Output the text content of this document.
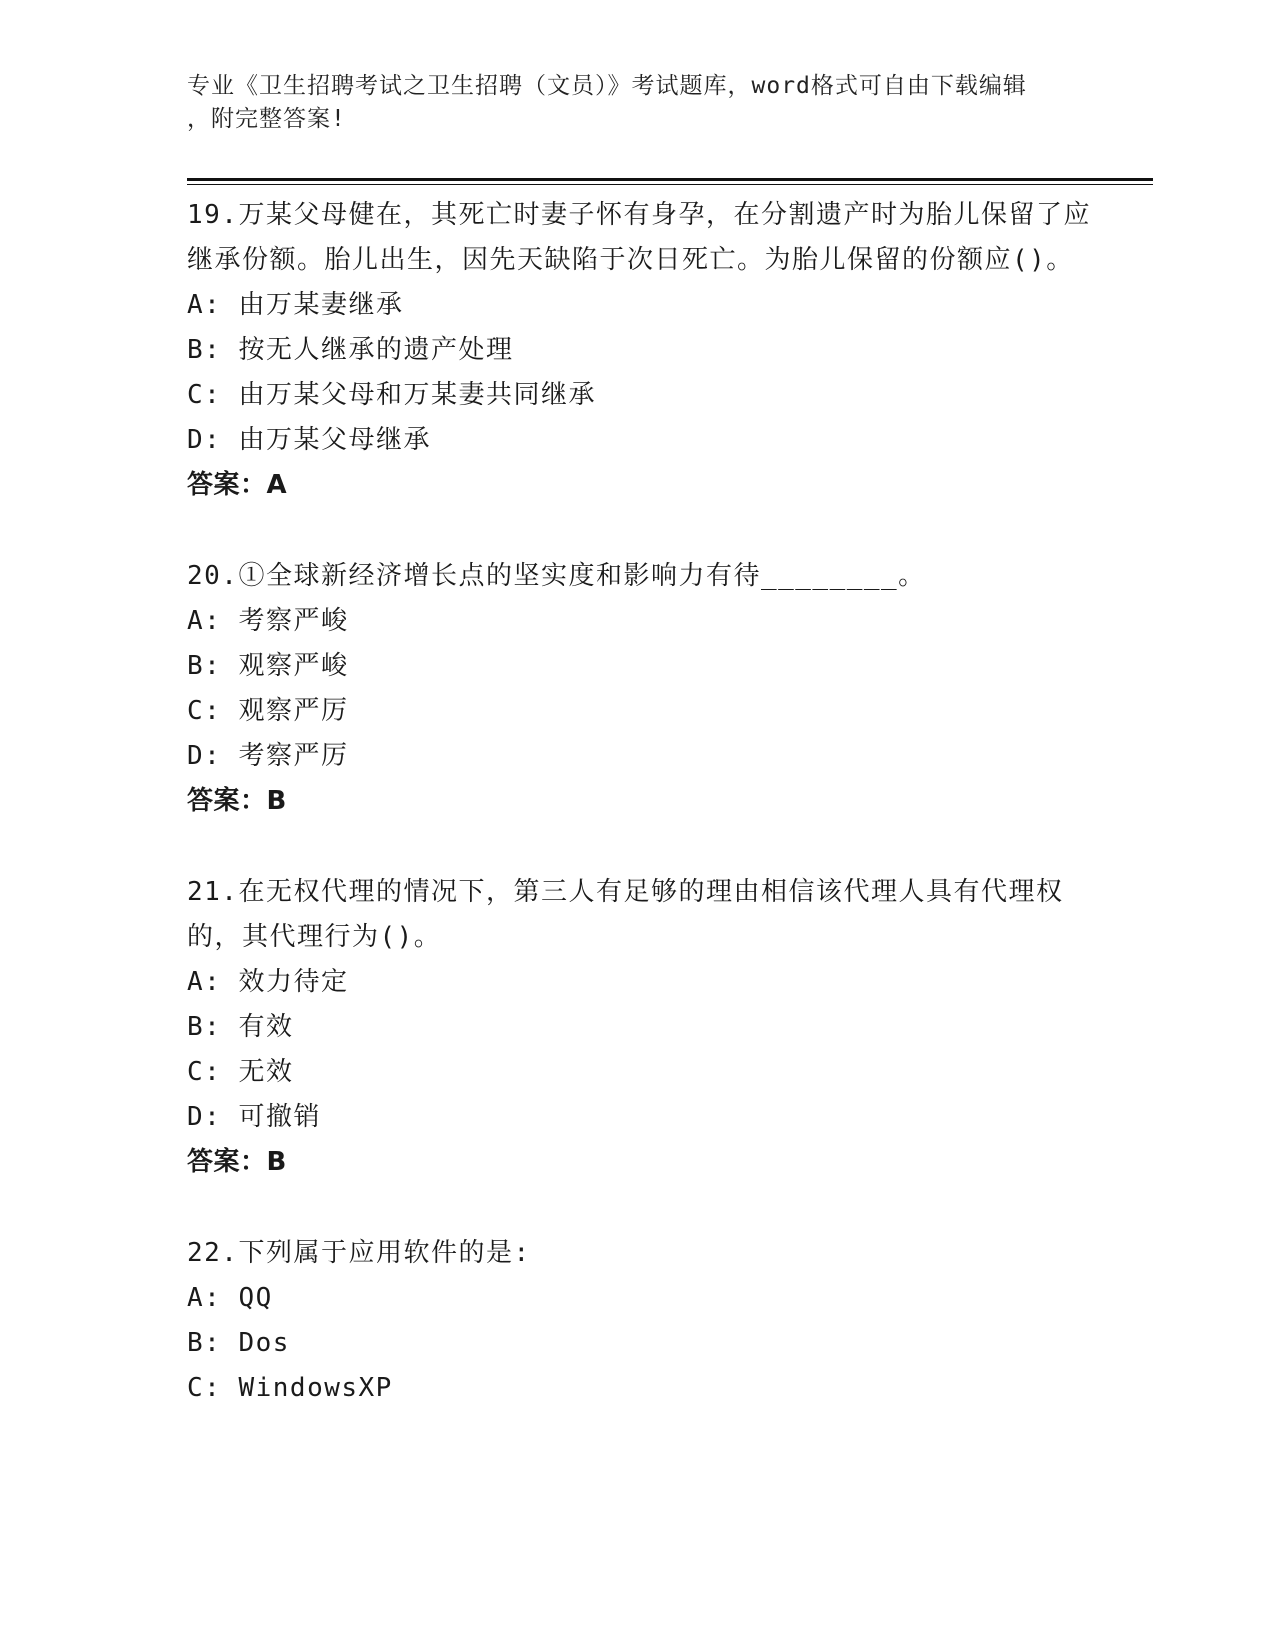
专业《卫生招聘考试之卫生招聘（文员）》考试题库，word格式可自由下载编辑
，附完整答案!
19.万某父母健在，其死亡时妻子怀有身孕，在分割遗产时为胎儿保留了应继承份额。胎儿出生，因先天缺陷于次日死亡。为胎儿保留的份额应()。
A: 由万某妻继承
B: 按无人继承的遗产处理
C: 由万某父母和万某妻共同继承
D: 由万某父母继承
答案：A
20.①全球新经济增长点的坚实度和影响力有待________。
A: 考察严峻
B: 观察严峻
C: 观察严厉
D: 考察严厉
答案：B
21.在无权代理的情况下，第三人有足够的理由相信该代理人具有代理权的，其代理行为()。
A: 效力待定
B: 有效
C: 无效
D: 可撤销
答案：B
22.下列属于应用软件的是:
A: QQ
B: Dos
C: WindowsXP
